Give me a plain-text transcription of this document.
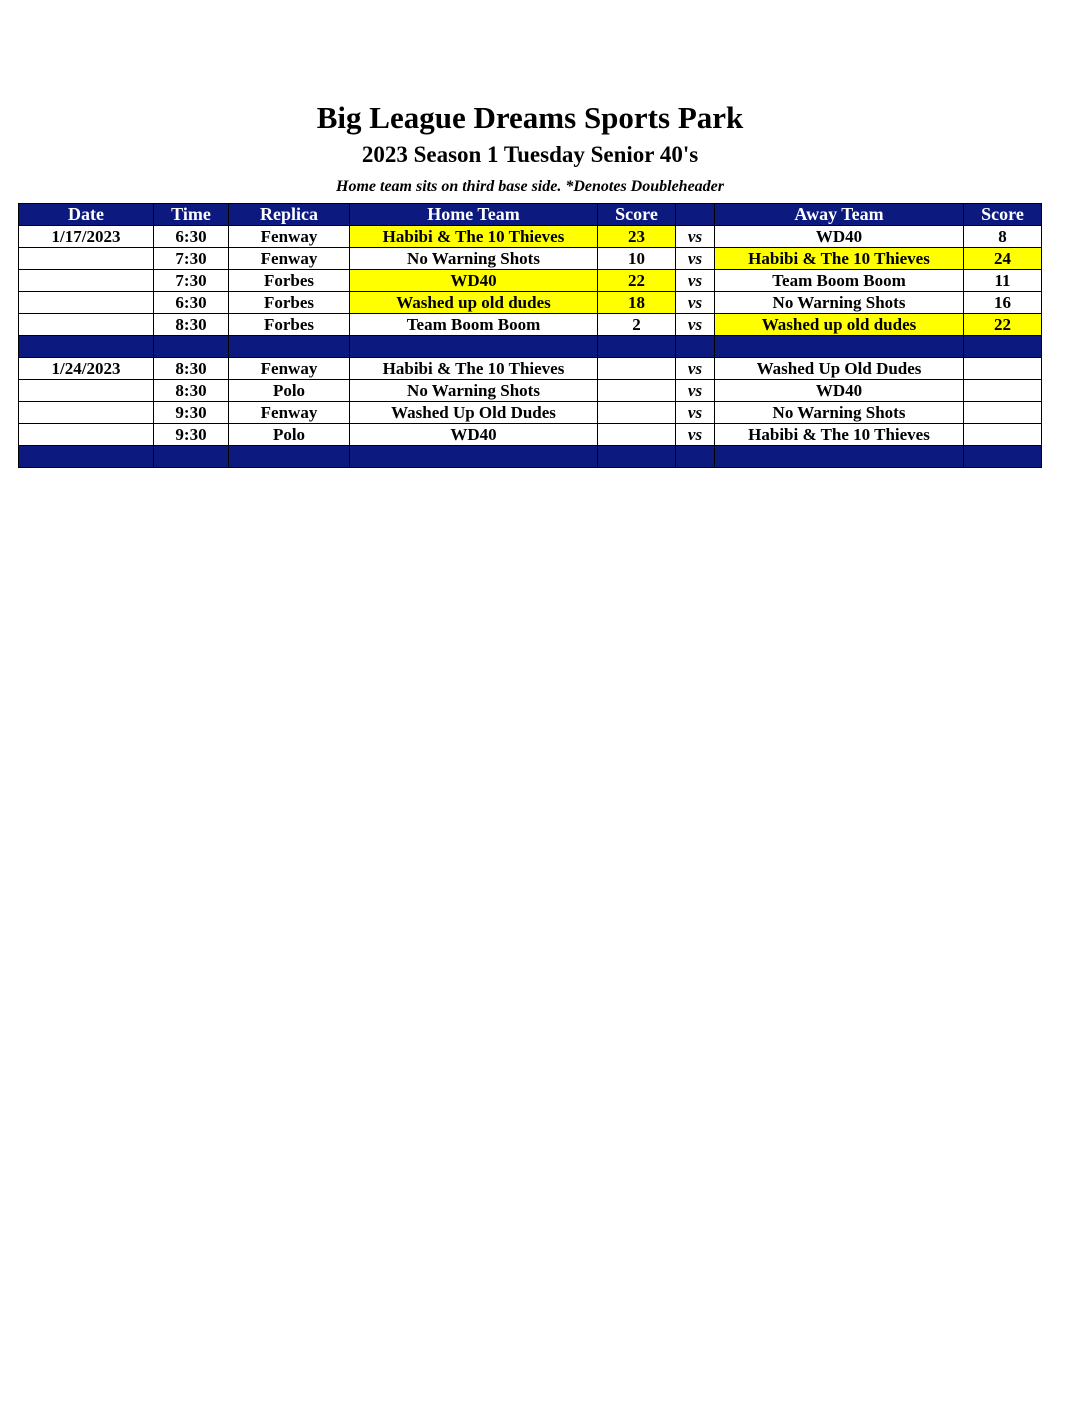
Big League Dreams Sports Park
2023 Season 1 Tuesday Senior 40's
Home team sits on third base side. *Denotes Doubleheader
Date	Time	Replica	Home Team	Score		Away Team	Score
1/17/2023	6:30	Fenway	Habibi & The 10 Thieves	23	vs	WD40	8
	7:30	Fenway	No Warning Shots	10	vs	Habibi & The 10 Thieves	24
	7:30	Forbes	WD40	22	vs	Team Boom Boom	11
	6:30	Forbes	Washed up old dudes	18	vs	No Warning Shots	16
	8:30	Forbes	Team Boom Boom	2	vs	Washed up old dudes	22

1/24/2023	8:30	Fenway	Habibi & The 10 Thieves		vs	Washed Up Old Dudes	
	8:30	Polo	No Warning Shots		vs	WD40	
	9:30	Fenway	Washed Up Old Dudes		vs	No Warning Shots	
	9:30	Polo	WD40		vs	Habibi & The 10 Thieves	
